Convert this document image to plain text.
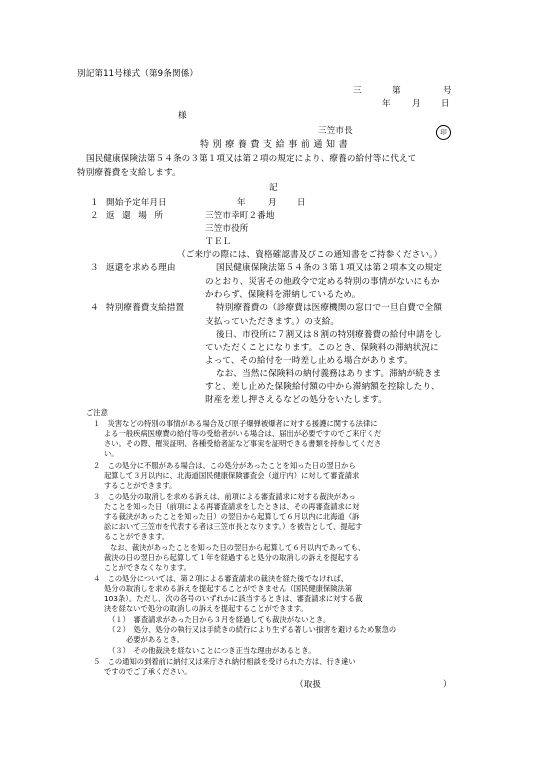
別記第11号様式（第9条関係）
三	第	号
年 月 日
様
三笠市長	印
特別療養費支給事前通知書
国民健康保険法第５４条の３第１項又は第２項の規定により、療養の給付等に代えて
特別療養費を支給します。
記
１ 開始予定年月日	年	月 日
２ 返 還 場 所	三笠市幸町２番地
三笠市役所
ＴＥＬ
（ご来庁の際には、資格確認書及びこの通知書をご持参ください。）
３ 返還を求める理由	国民健康保険法第５４条の３第１項又は第２項本文の規定
のとおり、災害その他政令で定める特別の事情がないにもか
かわらず、保険料を滞納しているため。
４ 特別療養費支給措置	特別療養費の（診療費は医療機関の窓口で一旦自費で全額
支払っていただきます。）の支給。
後日、市役所に７割又は８割の特別療養費の給付申請をし
ていただくことになります。このとき、保険料の滞納状況に
よって、その給付を一時差し止める場合があります。
なお、当然に保険料の納付義務はあります。滞納が続きま
すと、差し止めた保険給付額の中から滞納額を控除したり、
財産を差し押さえるなどの処分をいたします。
ご注意
１　災害などの特別の事情がある場合及び原子爆弾被爆者に対する援護に関する法律に
よる一般疾病医療費の給付等の受給者がいる場合は、届出が必要ですのでご来庁くだ
さい。その際、罹災証明、各種受給者証など事実を証明できる書類を持参してくださ
い。
２　この処分に不服がある場合は、この処分があったことを知った日の翌日から
起算して３月以内に、北海道国民健康保険審査会（道庁内）に対して審査請求
することができます。
３　この処分の取消しを求める訴えは、前項による審査請求に対する裁決があっ
たことを知った日（前項による再審査請求をしたときは、その再審査請求に対
する裁決があったことを知った日）の翌日から起算して６月以内に北海道（訴
訟において三笠市を代表する者は三笠市長となります。）を被告として、提起す
ることができます。
なお、裁決があったことを知った日の翌日から起算して６月以内であっても、
裁決の日の翌日から起算して１年を経過すると処分の取消しの訴えを提起する
ことができなくなります。
４　この処分については、第２項による審査請求の裁決を経た後でなければ、
処分の取消しを求める訴えを提起することができません（国民健康保険法第
103条）。ただし、次の各号のいずれかに該当するときは、審査請求に対する裁
決を経ないで処分の取消しの訴えを提起することができます。
（１）　審査請求があった日から３月を経過しても裁決がないとき。
（２）　処分、処分の執行又は手続きの続行により生ずる著しい損害を避けるため緊急の
必要があるとき。
（３）　その他裁決を経ないことにつき正当な理由があるとき。
５　この通知の到着前に納付又は来庁され納付相談を受けられた方は、行き違い
ですのでご了承ください。
（取扱	）
